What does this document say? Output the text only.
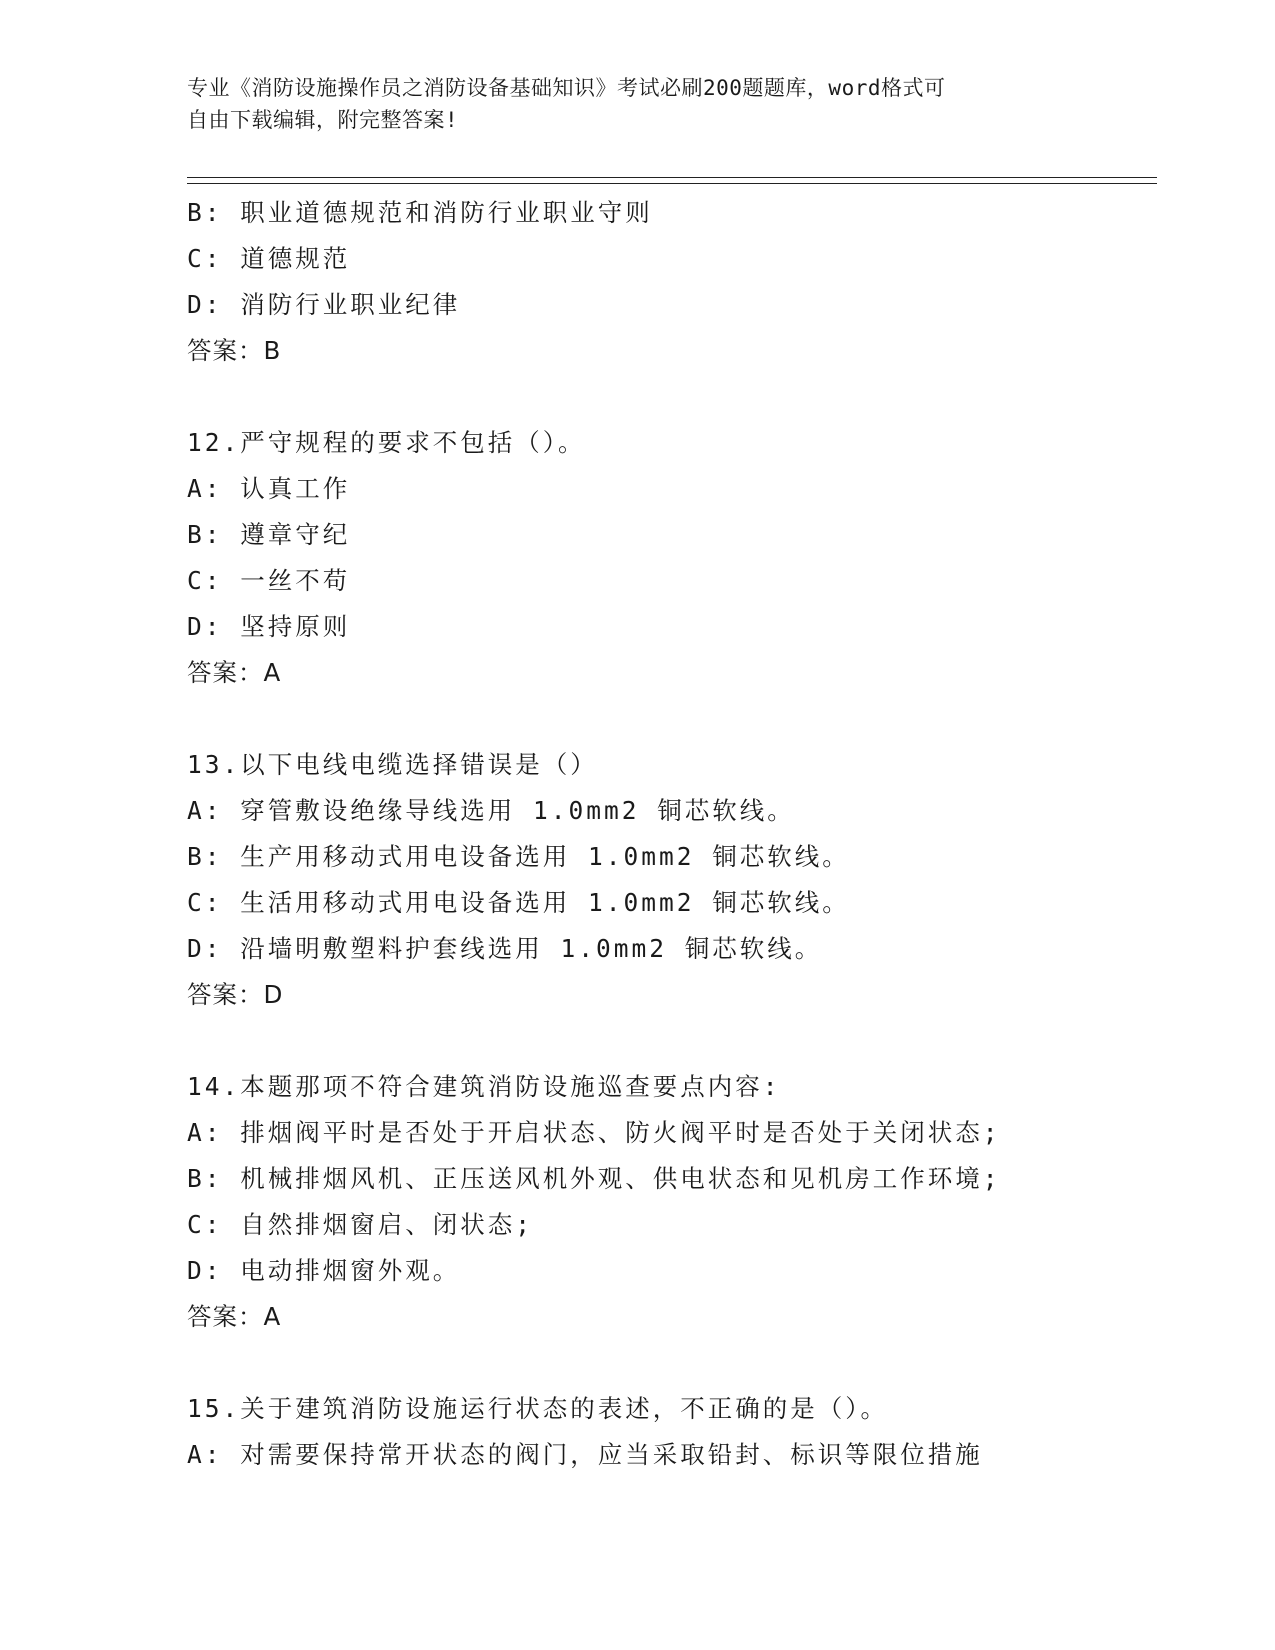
专业《消防设施操作员之消防设备基础知识》考试必刷200题题库，word格式可
自由下载编辑，附完整答案!
B: 职业道德规范和消防行业职业守则
C: 道德规范
D: 消防行业职业纪律
答案：B
12.严守规程的要求不包括（）。
A: 认真工作
B: 遵章守纪
C: 一丝不苟
D: 坚持原则
答案：A
13.以下电线电缆选择错误是（）
A: 穿管敷设绝缘导线选用 1.0mm2 铜芯软线。
B: 生产用移动式用电设备选用 1.0mm2 铜芯软线。
C: 生活用移动式用电设备选用 1.0mm2 铜芯软线。
D: 沿墙明敷塑料护套线选用 1.0mm2 铜芯软线。
答案：D
14.本题那项不符合建筑消防设施巡查要点内容:
A: 排烟阀平时是否处于开启状态、防火阀平时是否处于关闭状态;
B: 机械排烟风机、正压送风机外观、供电状态和见机房工作环境;
C: 自然排烟窗启、闭状态;
D: 电动排烟窗外观。
答案：A
15.关于建筑消防设施运行状态的表述，不正确的是（）。
A: 对需要保持常开状态的阀门，应当采取铅封、标识等限位措施
